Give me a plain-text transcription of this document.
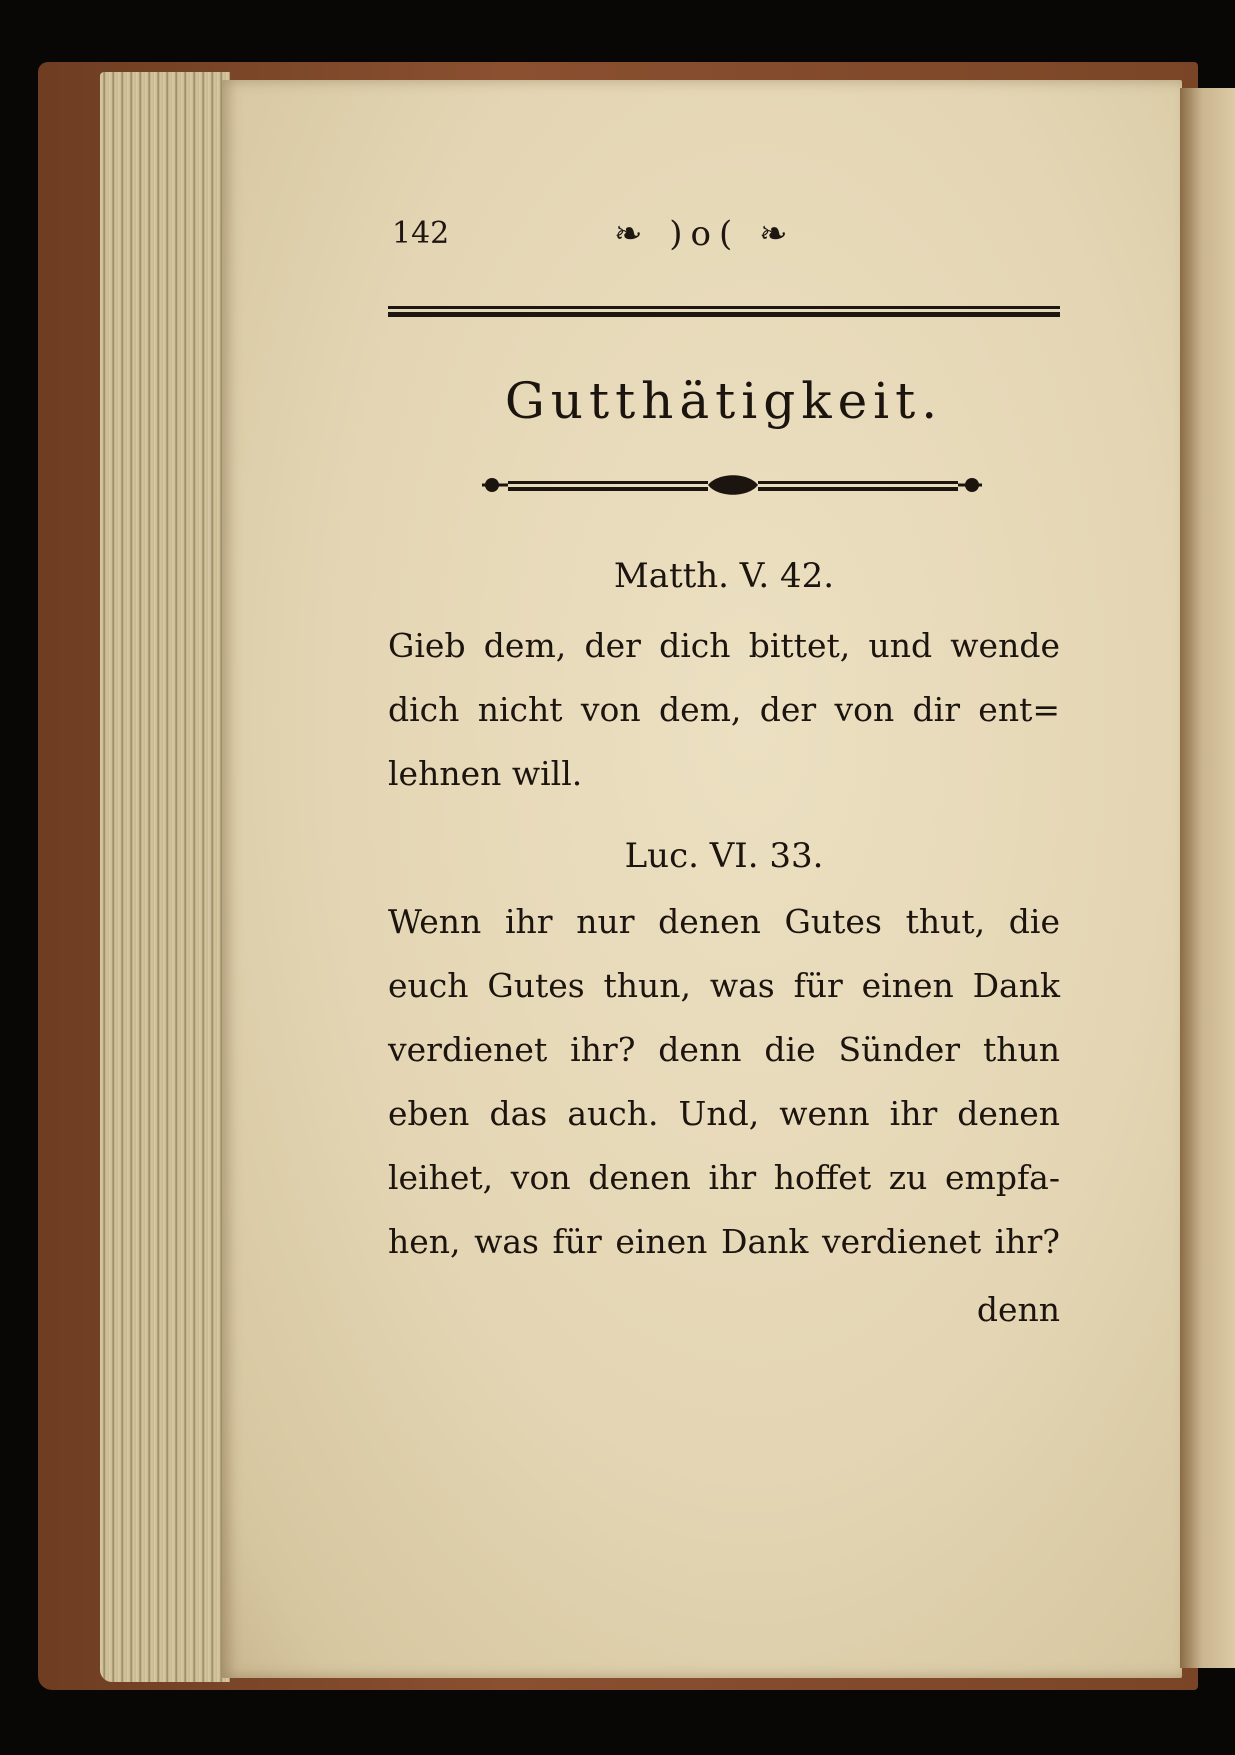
142	❧ )o( ❧
Gutthätigkeit.
Matth. V. 42.
Gieb dem, der dich bittet, und wende
dich nicht von dem, der von dir ent=
lehnen will.
Luc. VI. 33.
Wenn ihr nur denen Gutes thut, die
euch Gutes thun, was für einen Dank
verdienet ihr? denn die Sünder thun
eben das auch. Und, wenn ihr denen
leihet, von denen ihr hoffet zu empfa-
hen, was für einen Dank verdienet ihr?
denn
